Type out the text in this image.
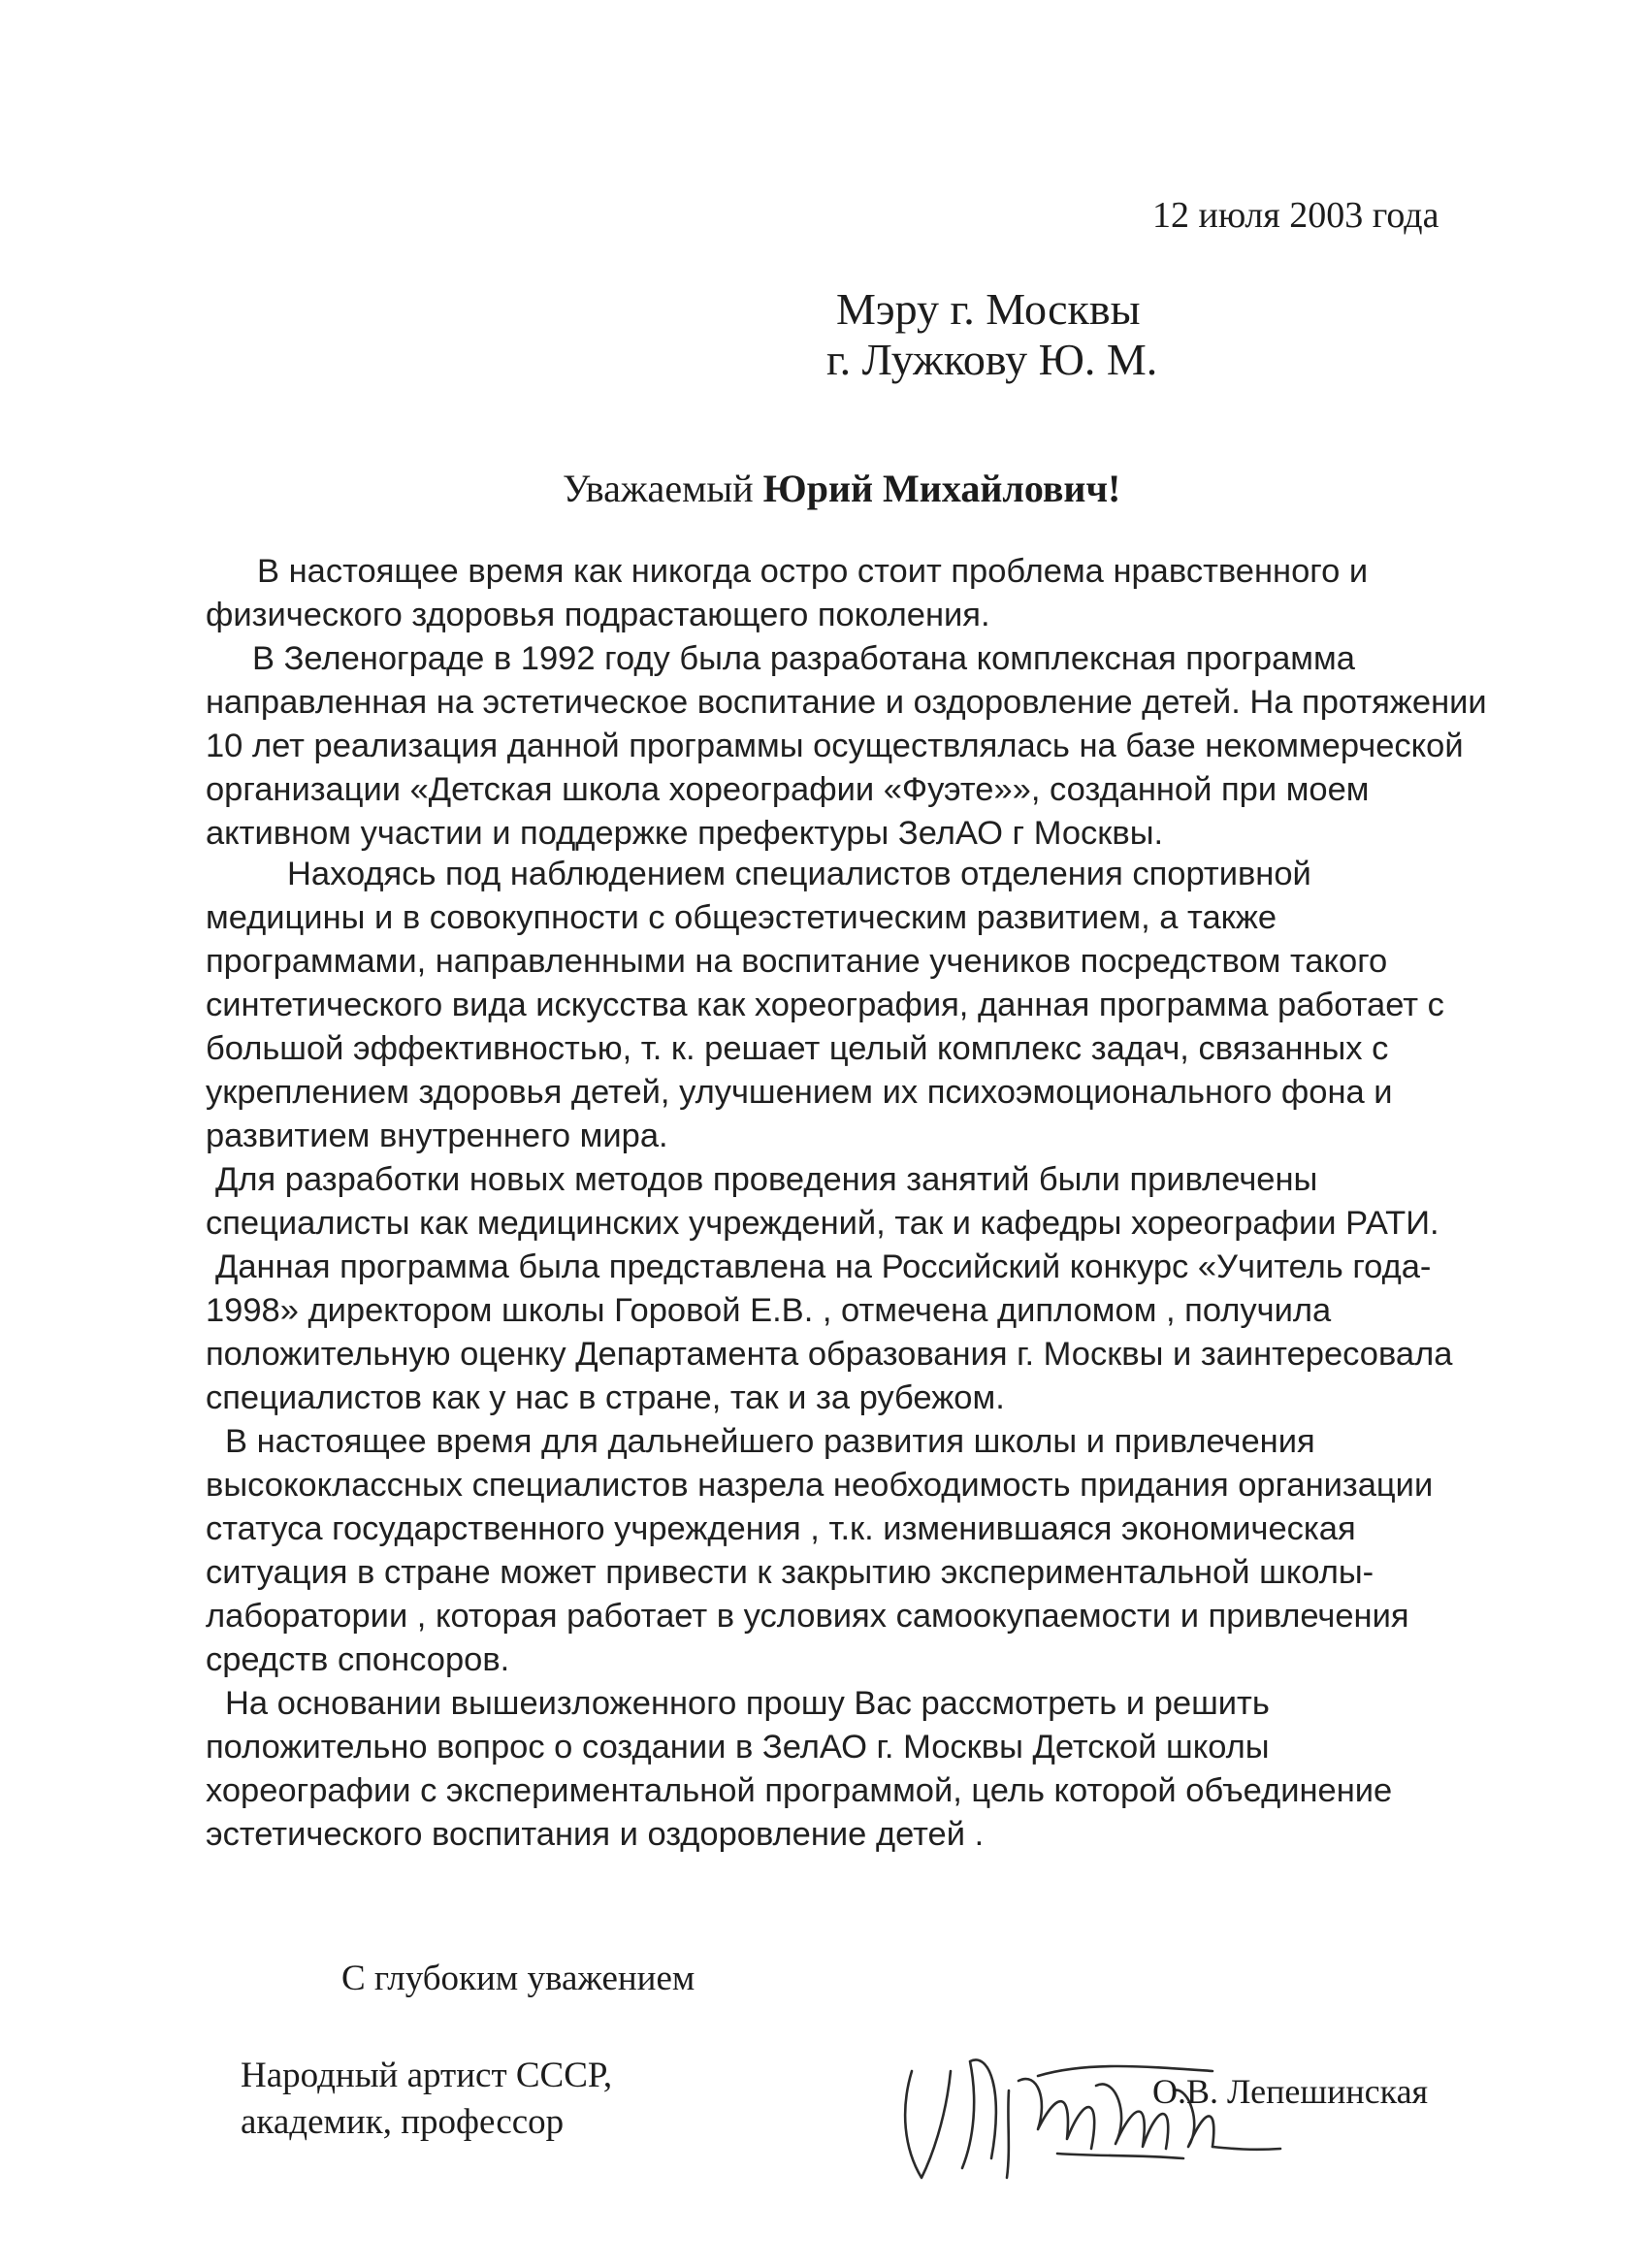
12 июля 2003 года
Мэру г. Москвы
г. Лужкову Ю. М.
Уважаемый Юрий Михайлович!
В настоящее время как никогда остро стоит проблема нравственного и
физического здоровья подрастающего поколения.
В Зеленограде в 1992 году была разработана комплексная программа
направленная на эстетическое воспитание и оздоровление детей. На протяжении
10 лет реализация данной программы осуществлялась на базе некоммерческой
организации «Детская школа хореографии «Фуэте»», созданной при моем
активном участии и поддержке префектуры ЗелАО г Москвы.
Находясь под наблюдением специалистов отделения спортивной
медицины и в совокупности с общеэстетическим развитием, а также
программами, направленными на воспитание учеников посредством такого
синтетического вида искусства как хореография, данная программа работает с
большой эффективностью, т. к. решает целый комплекс задач, связанных с
укреплением здоровья детей, улучшением их психоэмоционального фона и
развитием внутреннего мира.
Для разработки новых методов проведения занятий были привлечены
специалисты как медицинских учреждений, так и кафедры хореографии РАТИ.
Данная программа была представлена на Российский конкурс «Учитель года-
1998» директором школы Горовой Е.В. , отмечена дипломом , получила
положительную оценку Департамента образования г. Москвы и заинтересовала
специалистов как у нас в стране, так и за рубежом.
В настоящее время для дальнейшего развития школы и привлечения
высококлассных специалистов назрела необходимость придания организации
статуса государственного учреждения , т.к. изменившаяся экономическая
ситуация в стране может привести к закрытию экспериментальной школы-
лаборатории , которая работает в условиях самоокупаемости и привлечения
средств спонсоров.
На основании вышеизложенного прошу Вас рассмотреть и решить
положительно вопрос о создании в ЗелАО г. Москвы Детской школы
хореографии с экспериментальной программой, цель которой объединение
эстетического воспитания и оздоровление детей .
С глубоким уважением
Народный артист СССР,
академик, профессор
О.В. Лепешинская
